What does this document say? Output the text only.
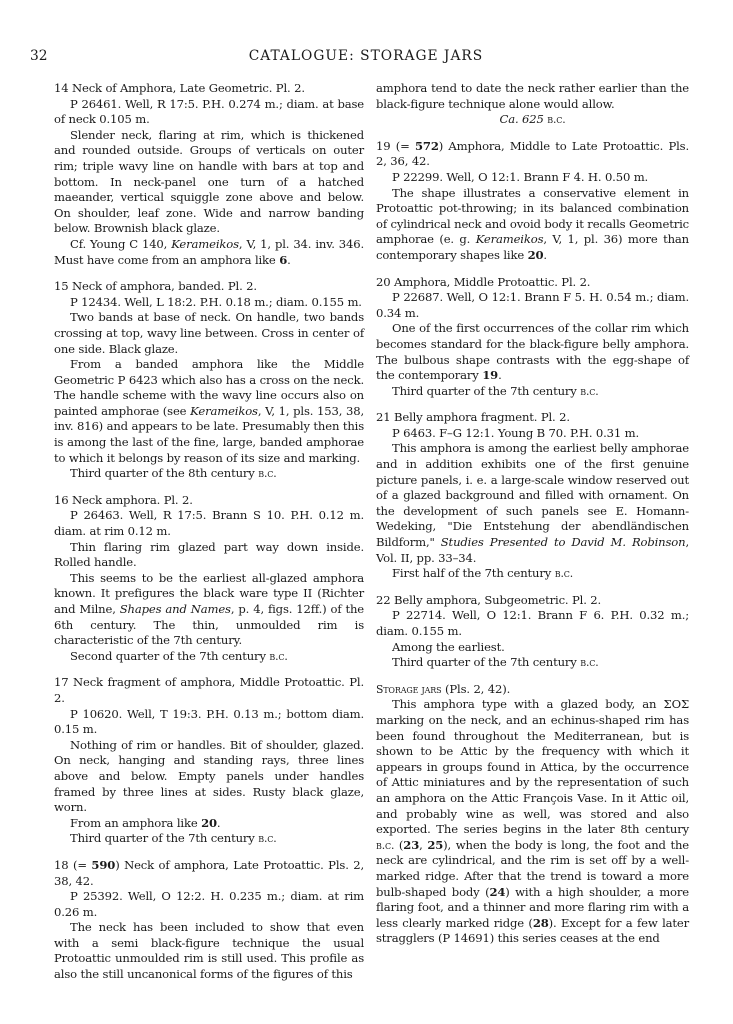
32	CATALOGUE: STORAGE JARS

14 Neck of Amphora, Late Geometric. Pl. 2.

P 26461. Well, R 17:5. P.H. 0.274 m.; diam. at base of neck 0.105 m.

Slender neck, flaring at rim, which is thickened and rounded outside. Groups of verticals on outer rim; triple wavy line on handle with bars at top and bottom. In neck-panel one turn of a hatched maeander, vertical squiggle zone above and below. On shoulder, leaf zone. Wide and narrow banding below. Brownish black glaze.

Cf. Young C 140, Kerameikos, V, 1, pl. 34. inv. 346. Must have come from an amphora like 6.

15 Neck of amphora, banded. Pl. 2.

P 12434. Well, L 18:2. P.H. 0.18 m.; diam. 0.155 m.

Two bands at base of neck. On handle, two bands crossing at top, wavy line between. Cross in center of one side. Black glaze.

From a banded amphora like the Middle Geometric P 6423 which also has a cross on the neck. The handle scheme with the wavy line occurs also on painted amphorae (see Kerameikos, V, 1, pls. 153, 38, inv. 816) and appears to be late. Presumably then this is among the last of the fine, large, banded amphorae to which it belongs by reason of its size and marking.

Third quarter of the 8th century b.c.

16 Neck amphora. Pl. 2.

P 26463. Well, R 17:5. Brann S 10. P.H. 0.12 m. diam. at rim 0.12 m.

Thin flaring rim glazed part way down inside. Rolled handle.

This seems to be the earliest all-glazed amphora known. It prefigures the black ware type II (Richter and Milne, Shapes and Names, p. 4, figs. 12ff.) of the 6th century. The thin, unmoulded rim is characteristic of the 7th century.

Second quarter of the 7th century b.c.

17 Neck fragment of amphora, Middle Protoattic. Pl. 2.

P 10620. Well, T 19:3. P.H. 0.13 m.; bottom diam. 0.15 m.

Nothing of rim or handles. Bit of shoulder, glazed. On neck, hanging and standing rays, three lines above and below. Empty panels under handles framed by three lines at sides. Rusty black glaze, worn.

From an amphora like 20.

Third quarter of the 7th century b.c.

18 (= 590) Neck of amphora, Late Protoattic. Pls. 2, 38, 42.

P 25392. Well, O 12:2. H. 0.235 m.; diam. at rim 0.26 m.

The neck has been included to show that even with a semi black-figure technique the usual Protoattic unmoulded rim is still used. This profile as also the still uncanonical forms of the figures of this

amphora tend to date the neck rather earlier than the black-figure technique alone would allow.

Ca. 625 b.c.

19 (= 572) Amphora, Middle to Late Protoattic. Pls. 2, 36, 42.

P 22299. Well, O 12:1. Brann F 4. H. 0.50 m.

The shape illustrates a conservative element in Protoattic pot-throwing; in its balanced combination of cylindrical neck and ovoid body it recalls Geometric amphorae (e. g. Kerameikos, V, 1, pl. 36) more than contemporary shapes like 20.

20 Amphora, Middle Protoattic. Pl. 2.

P 22687. Well, O 12:1. Brann F 5. H. 0.54 m.; diam. 0.34 m.

One of the first occurrences of the collar rim which becomes standard for the black-figure belly amphora. The bulbous shape contrasts with the egg-shape of the contemporary 19.

Third quarter of the 7th century b.c.

21 Belly amphora fragment. Pl. 2.

P 6463. F–G 12:1. Young B 70. P.H. 0.31 m.

This amphora is among the earliest belly amphorae and in addition exhibits one of the first genuine picture panels, i. e. a large-scale window reserved out of a glazed background and filled with ornament. On the development of such panels see E. Homann-Wedeking, "Die Entstehung der abendländischen Bildform," Studies Presented to David M. Robinson, Vol. II, pp. 33–34.

First half of the 7th century b.c.

22 Belly amphora, Subgeometric. Pl. 2.

P 22714. Well, O 12:1. Brann F 6. P.H. 0.32 m.; diam. 0.155 m.

Among the earliest.

Third quarter of the 7th century b.c.

Storage jars (Pls. 2, 42).

This amphora type with a glazed body, an ΣΟΣ marking on the neck, and an echinus-shaped rim has been found throughout the Mediterranean, but is shown to be Attic by the frequency with which it appears in groups found in Attica, by the occurrence of Attic miniatures and by the representation of such an amphora on the Attic François Vase. In it Attic oil, and probably wine as well, was stored and also exported. The series begins in the later 8th century b.c. (23, 25), when the body is long, the foot and the neck are cylindrical, and the rim is set off by a well-marked ridge. After that the trend is toward a more bulb-shaped body (24) with a high shoulder, a more flaring foot, and a thinner and more flaring rim with a less clearly marked ridge (28). Except for a few later stragglers (P 14691) this series ceases at the end
